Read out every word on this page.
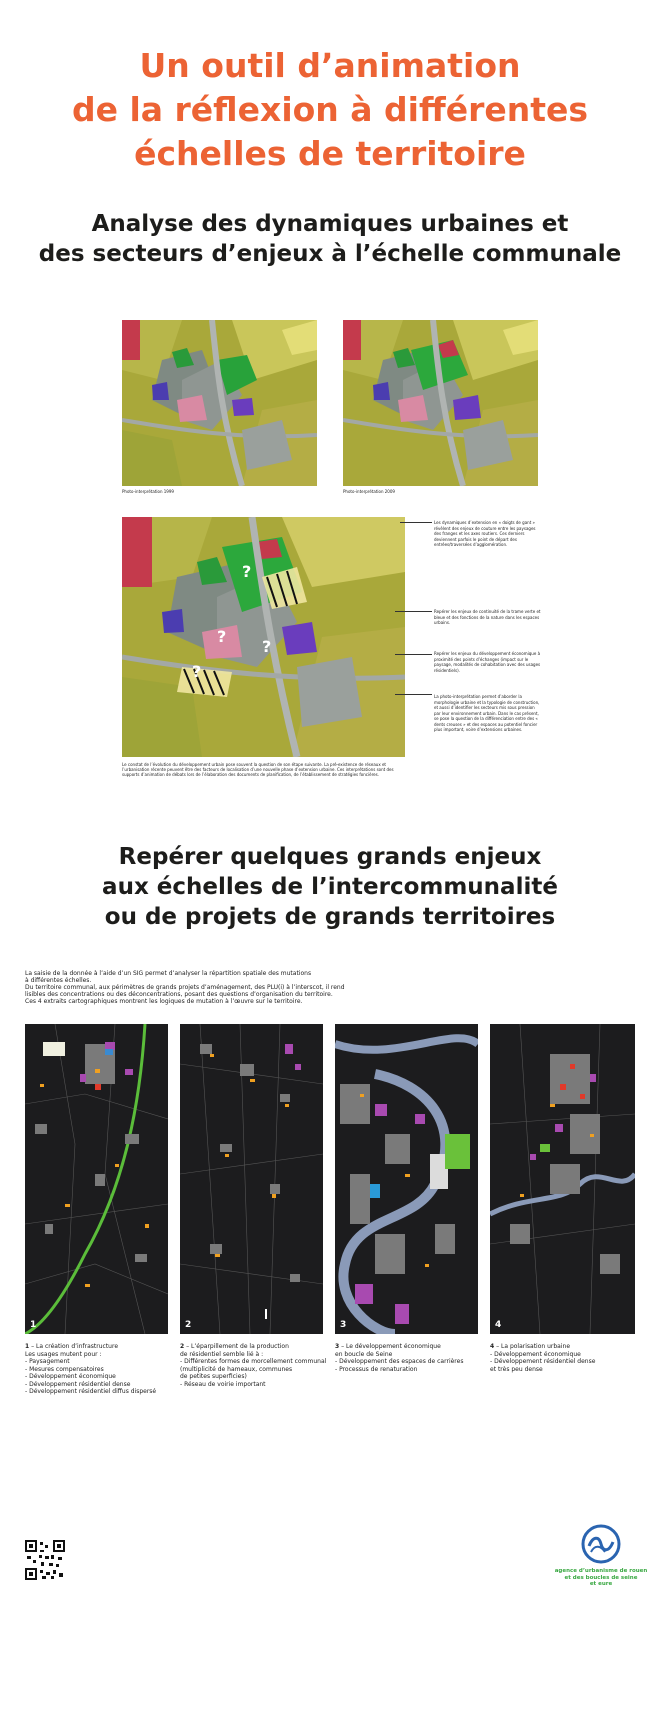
Un outil d’animation
de la réflexion à différentes
échelles de territoire
Analyse des dynamiques urbaines et
des secteurs d’enjeux à l’échelle communale
Photo-interprétation 1999	Photo-interprétation 2009
?
?
?
?
Les dynamiques d’extension en « doigts de gant » révèlent des enjeux de couture entre les paysages des franges et les axes routiers. Ces derniers deviennent parfois le point de départ des entrées/traversées d’agglomération.
Repérer les enjeux de continuité de la trame verte et bleue et des fonctions de la nature dans les espaces urbains.
Repérer les enjeux du développement économique à proximité des points d’échanges (impact sur le paysage, modalités de cohabitation avec des usages résidentiels).
La photo-interprétation permet d’aborder la morphologie urbaine et la typologie de construction, et aussi d’identifier les secteurs mis sous pression par leur environnement urbain. Dans le cas présent, se pose la question de la différenciation entre des « dents creuses » et des espaces au potentiel foncier plus important, voire d’extensions urbaines.
Le constat de l’évolution du développement urbain pose souvent la question de son étape suivante. La pré-existence de réseaux et l’urbanisation récente peuvent être des facteurs de localisation d’une nouvelle phase d’extension urbaine. Ces interprétations sont des supports d’animation de débats lors de l’élaboration des documents de planification, de l’établissement de stratégies foncières.
Repérer quelques grands enjeux
aux échelles de l’intercommunalité
ou de projets de grands territoires
La saisie de la donnée à l’aide d’un SIG permet d’analyser la répartition spatiale des mutations
à différentes échelles.
Du territoire communal, aux périmètres de grands projets d’aménagement, des PLU(i) à l’interscot, il rend
lisibles des concentrations ou des déconcentrations, posant des questions d’organisation du territoire.
Ces 4 extraits cartographiques montrent les logiques de mutation à l’œuvre sur le territoire.
1	2	3	4
1 – La création d’infrastructure
Les usages mutent pour :
- Paysagement
- Mesures compensatoires
- Développement économique
- Développement résidentiel dense
- Développement résidentiel diffus dispersé
2 – L’éparpillement de la production
de résidentiel semble lié à :
- Différentes formes de morcellement communal
(multiplicité de hameaux, communes
de petites superficies)
- Réseau de voirie important
3 – Le développement économique
en boucle de Seine
- Développement des espaces de carrières
- Processus de renaturation
4 – La polarisation urbaine
- Développement économique
- Développement résidentiel dense
et très peu dense
agence d’urbanisme de rouen
et des boucles de seine
et eure
